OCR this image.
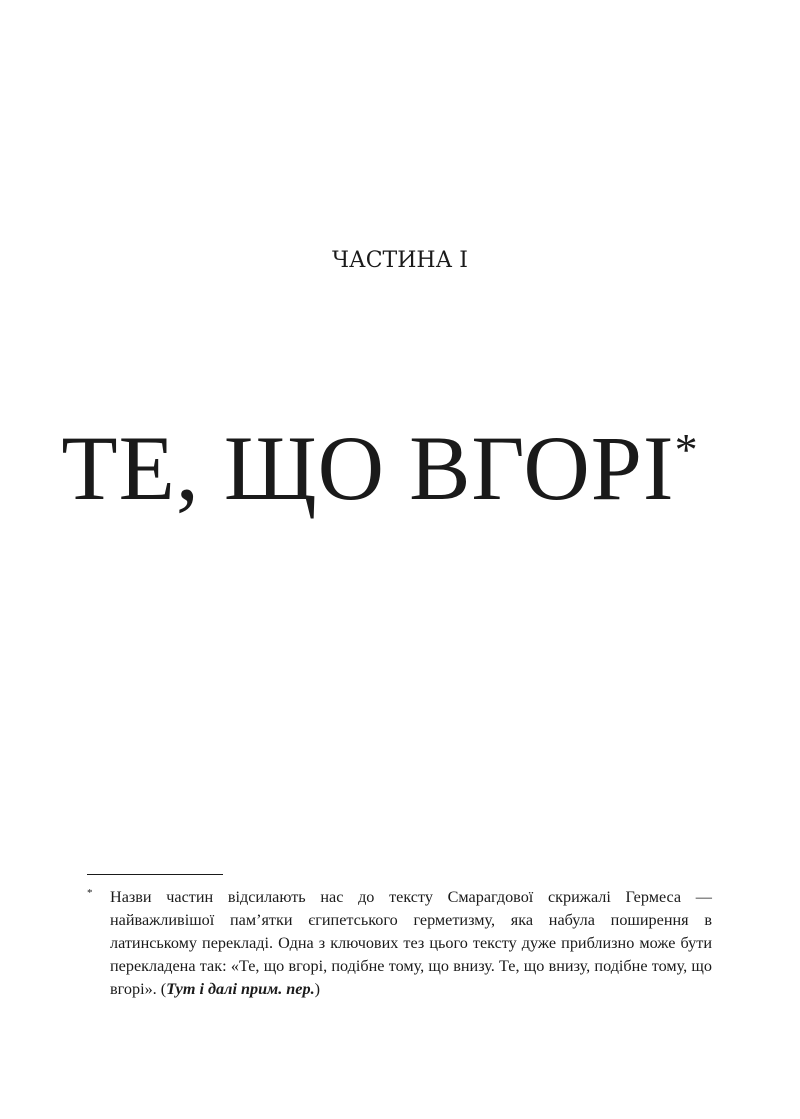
ЧАСТИНА I
ТЕ, ЩО ВГОРІ*
* Назви частин відсилають нас до тексту Смарагдової скрижалі Гермеса — найважливішої пам’ятки єгипетського герметизму, яка набула поширення в латинському перекладі. Одна з ключових тез цього тексту дуже приблизно може бути перекладена так: «Те, що вгорі, подібне тому, що внизу. Те, що внизу, подібне тому, що вгорі». (Тут і далі прим. пер.)
